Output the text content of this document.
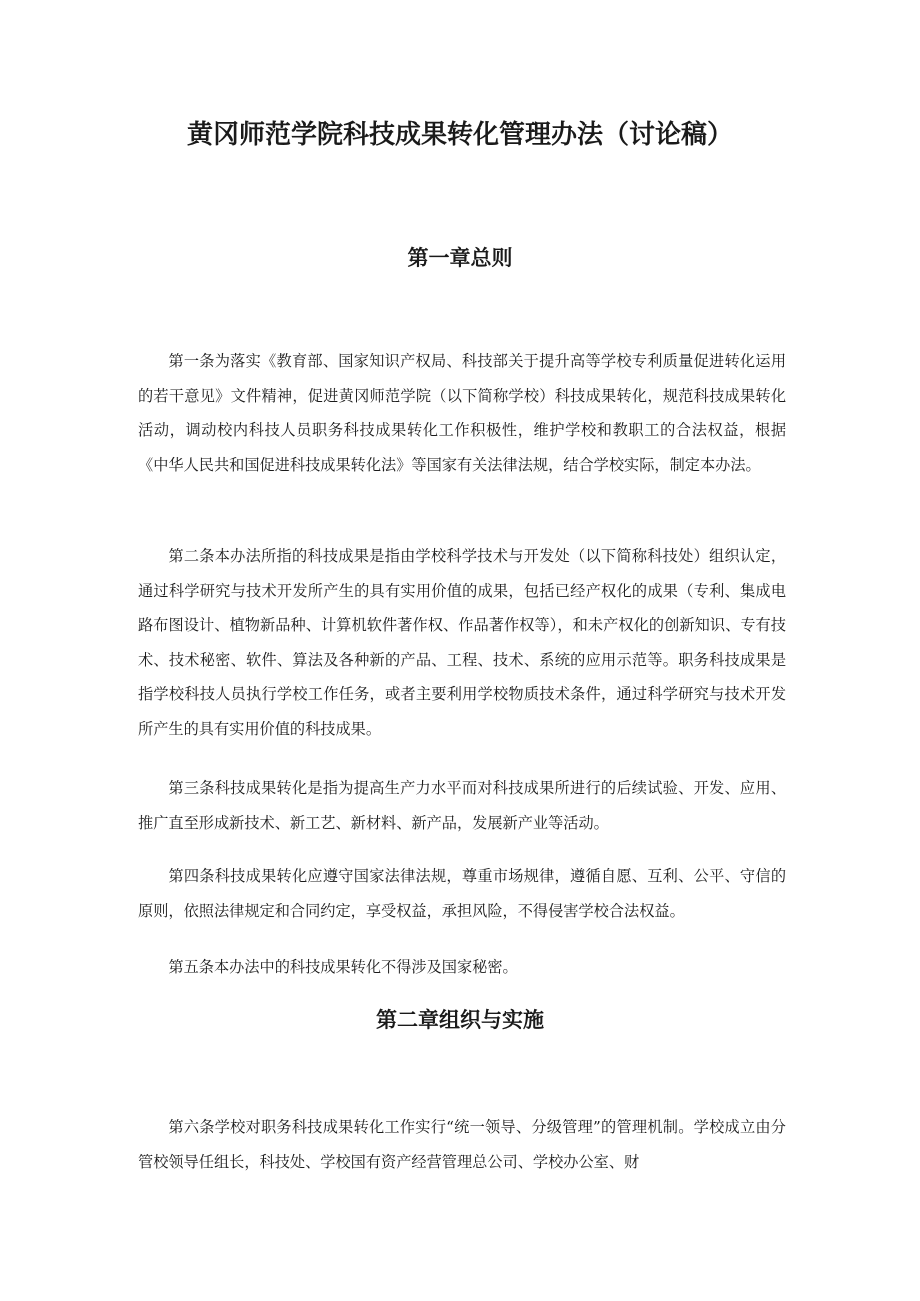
黄冈师范学院科技成果转化管理办法（讨论稿）
第一章总则

第一条为落实《教育部、国家知识产权局、科技部关于提升高等学校专利质量促进转化运用的若干意见》文件精神，促进黄冈师范学院（以下简称学校）科技成果转化，规范科技成果转化活动，调动校内科技人员职务科技成果转化工作积极性，维护学校和教职工的合法权益，根据《中华人民共和国促进科技成果转化法》等国家有关法律法规，结合学校实际，制定本办法。

第二条本办法所指的科技成果是指由学校科学技术与开发处（以下简称科技处）组织认定，通过科学研究与技术开发所产生的具有实用价值的成果，包括已经产权化的成果（专利、集成电路布图设计、植物新品种、计算机软件著作权、作品著作权等），和未产权化的创新知识、专有技术、技术秘密、软件、算法及各种新的产品、工程、技术、系统的应用示范等。职务科技成果是指学校科技人员执行学校工作任务，或者主要利用学校物质技术条件，通过科学研究与技术开发所产生的具有实用价值的科技成果。

第三条科技成果转化是指为提高生产力水平而对科技成果所进行的后续试验、开发、应用、推广直至形成新技术、新工艺、新材料、新产品，发展新产业等活动。

第四条科技成果转化应遵守国家法律法规，尊重市场规律，遵循自愿、互利、公平、守信的原则，依照法律规定和合同约定，享受权益，承担风险，不得侵害学校合法权益。

第五条本办法中的科技成果转化不得涉及国家秘密。

第二章组织与实施

第六条学校对职务科技成果转化工作实行“统一领导、分级管理”的管理机制。学校成立由分管校领导任组长，科技处、学校国有资产经营管理总公司、学校办公室、财
